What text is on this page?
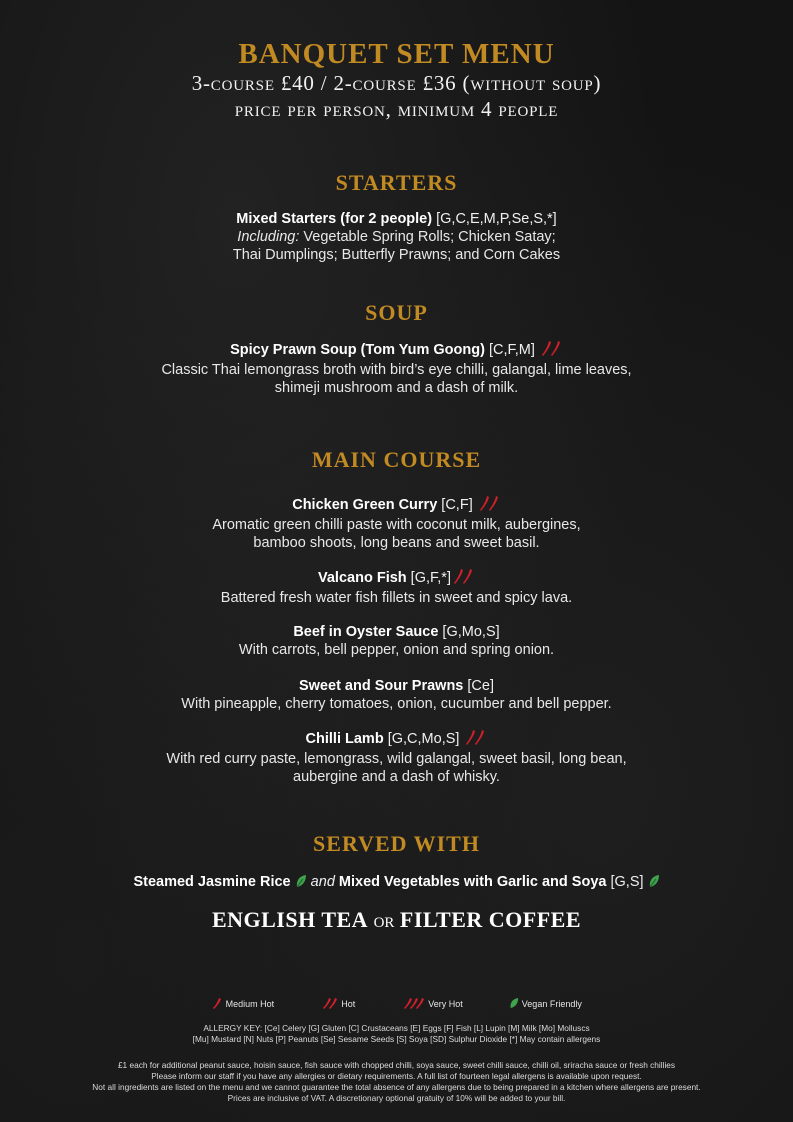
BANQUET SET MENU
3-course £40 / 2-course £36 (without soup)
price per person, minimum 4 people
STARTERS
Mixed Starters (for 2 people) [G,C,E,M,P,Se,S,*]
Including: Vegetable Spring Rolls; Chicken Satay;
Thai Dumplings; Butterfly Prawns; and Corn Cakes
SOUP
Spicy Prawn Soup (Tom Yum Goong) [C,F,M]
Classic Thai lemongrass broth with bird’s eye chilli, galangal, lime leaves,
shimeji mushroom and a dash of milk.
MAIN COURSE
Chicken Green Curry [C,F]
Aromatic green chilli paste with coconut milk, aubergines,
bamboo shoots, long beans and sweet basil.
Valcano Fish [G,F,*]
Battered fresh water fish fillets in sweet and spicy lava.
Beef in Oyster Sauce [G,Mo,S]
With carrots, bell pepper, onion and spring onion.
Sweet and Sour Prawns [Ce]
With pineapple, cherry tomatoes, onion, cucumber and bell pepper.
Chilli Lamb [G,C,Mo,S]
With red curry paste, lemongrass, wild galangal, sweet basil, long bean,
aubergine and a dash of whisky.
SERVED WITH
Steamed Jasmine Rice  and Mixed Vegetables with Garlic and Soya [G,S]
ENGLISH TEA or FILTER COFFEE
Medium Hot	Hot	Very Hot	Vegan Friendly
ALLERGY KEY: [Ce] Celery [G] Gluten [C] Crustaceans [E] Eggs [F] Fish [L] Lupin [M] Milk [Mo] Molluscs
[Mu] Mustard [N] Nuts [P] Peanuts [Se] Sesame Seeds [S] Soya [SD] Sulphur Dioxide [*] May contain allergens
£1 each for additional peanut sauce, hoisin sauce, fish sauce with chopped chilli, soya sauce, sweet chilli sauce, chilli oil, sriracha sauce or fresh chillies
Please inform our staff if you have any allergies or dietary requirements. A full list of fourteen legal allergens is available upon request.
Not all ingredients are listed on the menu and we cannot guarantee the total absence of any allergens due to being prepared in a kitchen where allergens are present.
Prices are inclusive of VAT. A discretionary optional gratuity of 10% will be added to your bill.
